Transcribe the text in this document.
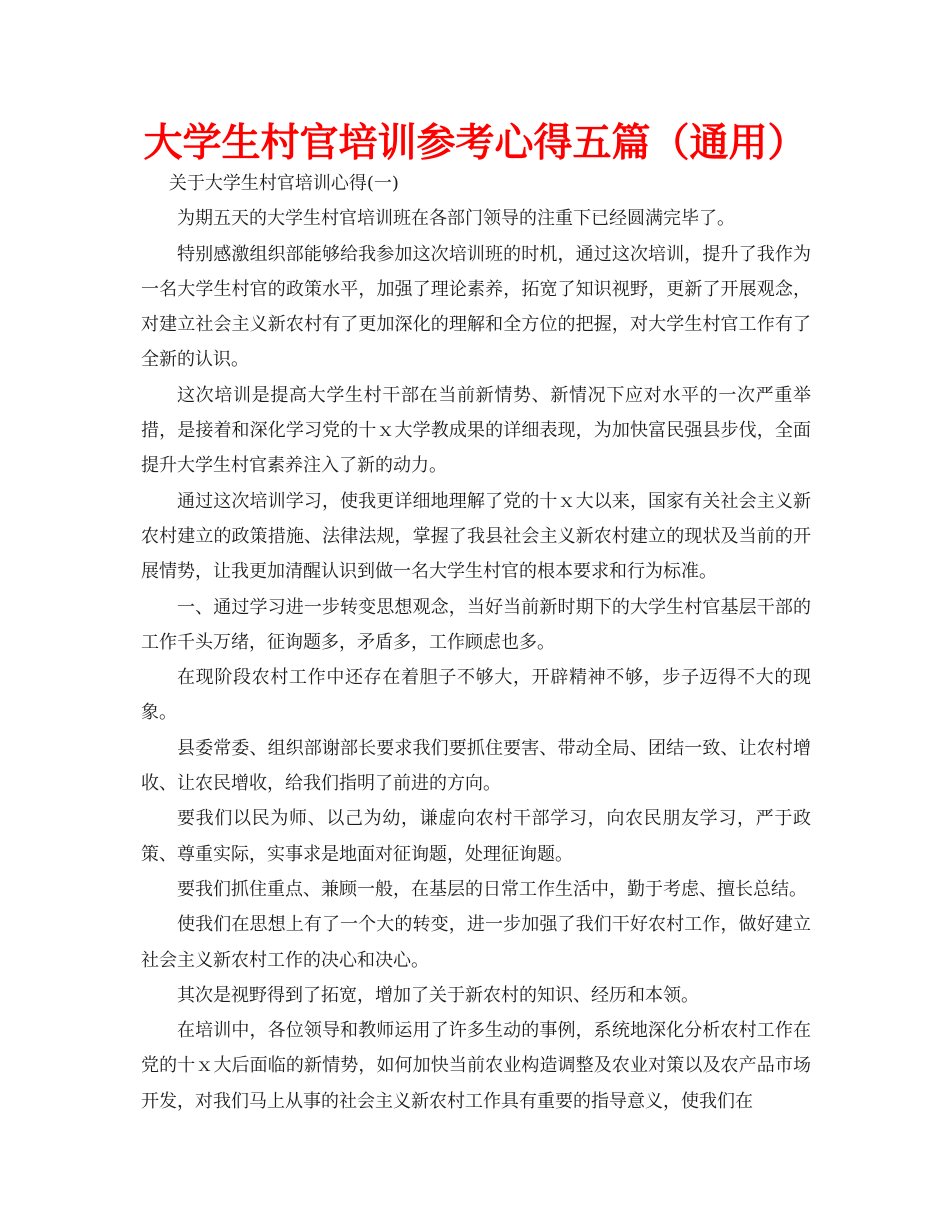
大学生村官培训参考心得五篇（通用）

关于大学生村官培训心得(一)

为期五天的大学生村官培训班在各部门领导的注重下已经圆满完毕了。

特别感激组织部能够给我参加这次培训班的时机，通过这次培训，提升了我作为一名大学生村官的政策水平，加强了理论素养，拓宽了知识视野，更新了开展观念，对建立社会主义新农村有了更加深化的理解和全方位的把握，对大学生村官工作有了全新的认识。

这次培训是提高大学生村干部在当前新情势、新情况下应对水平的一次严重举措，是接着和深化学习党的十ｘ大学教成果的详细表现，为加快富民强县步伐，全面提升大学生村官素养注入了新的动力。

通过这次培训学习，使我更详细地理解了党的十ｘ大以来，国家有关社会主义新农村建立的政策措施、法律法规，掌握了我县社会主义新农村建立的现状及当前的开展情势，让我更加清醒认识到做一名大学生村官的根本要求和行为标准。

一、通过学习进一步转变思想观念，当好当前新时期下的大学生村官基层干部的工作千头万绪，征询题多，矛盾多，工作顾虑也多。

在现阶段农村工作中还存在着胆子不够大，开辟精神不够，步子迈得不大的现象。

县委常委、组织部谢部长要求我们要抓住要害、带动全局、团结一致、让农村增收、让农民增收，给我们指明了前进的方向。

要我们以民为师、以己为幼，谦虚向农村干部学习，向农民朋友学习，严于政策、尊重实际，实事求是地面对征询题，处理征询题。

要我们抓住重点、兼顾一般，在基层的日常工作生活中，勤于考虑、擅长总结。

使我们在思想上有了一个大的转变，进一步加强了我们干好农村工作，做好建立社会主义新农村工作的决心和决心。

其次是视野得到了拓宽，增加了关于新农村的知识、经历和本领。

在培训中，各位领导和教师运用了许多生动的事例，系统地深化分析农村工作在党的十ｘ大后面临的新情势，如何加快当前农业构造调整及农业对策以及农产品市场开发，对我们马上从事的社会主义新农村工作具有重要的指导意义，使我们在
